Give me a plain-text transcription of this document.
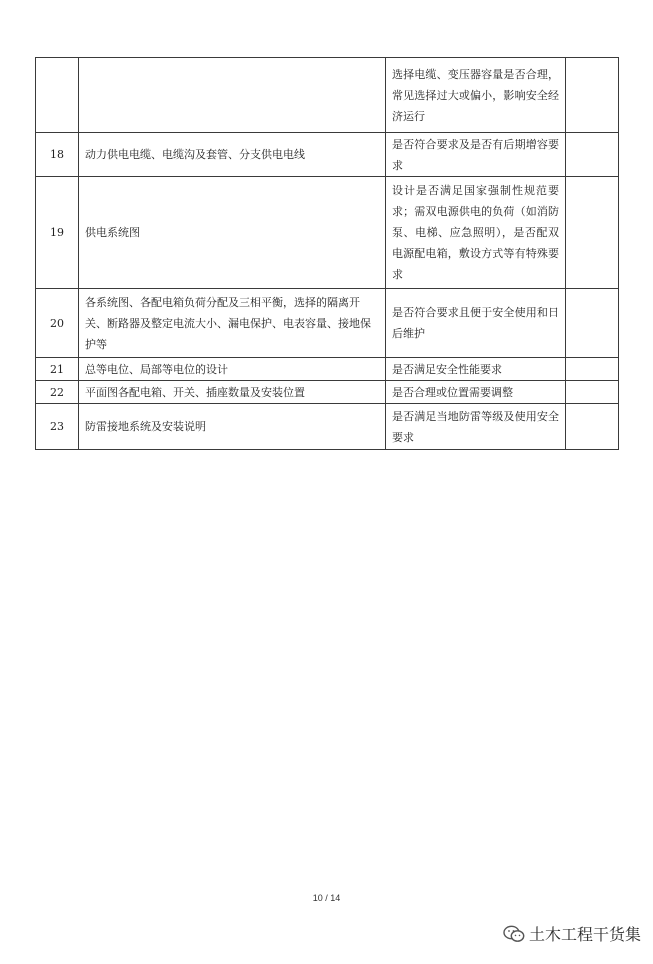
		选择电缆、变压器容量是否合理，常见选择过大或偏小，影响安全经济运行	
18	动力供电电缆、电缆沟及套管、分支供电电线	是否符合要求及是否有后期增容要求	
19	供电系统图	设计是否满足国家强制性规范要求；需双电源供电的负荷（如消防泵、电梯、应急照明），是否配双电源配电箱，敷设方式等有特殊要求	
20	各系统图、各配电箱负荷分配及三相平衡，选择的隔离开关、断路器及整定电流大小、漏电保护、电表容量、接地保护等	是否符合要求且便于安全使用和日后维护	
21	总等电位、局部等电位的设计	是否满足安全性能要求	
22	平面图各配电箱、开关、插座数量及安装位置	是否合理或位置需要调整	
23	防雷接地系统及安装说明	是否满足当地防雷等级及使用安全要求	
10 / 14
土木工程干货集
